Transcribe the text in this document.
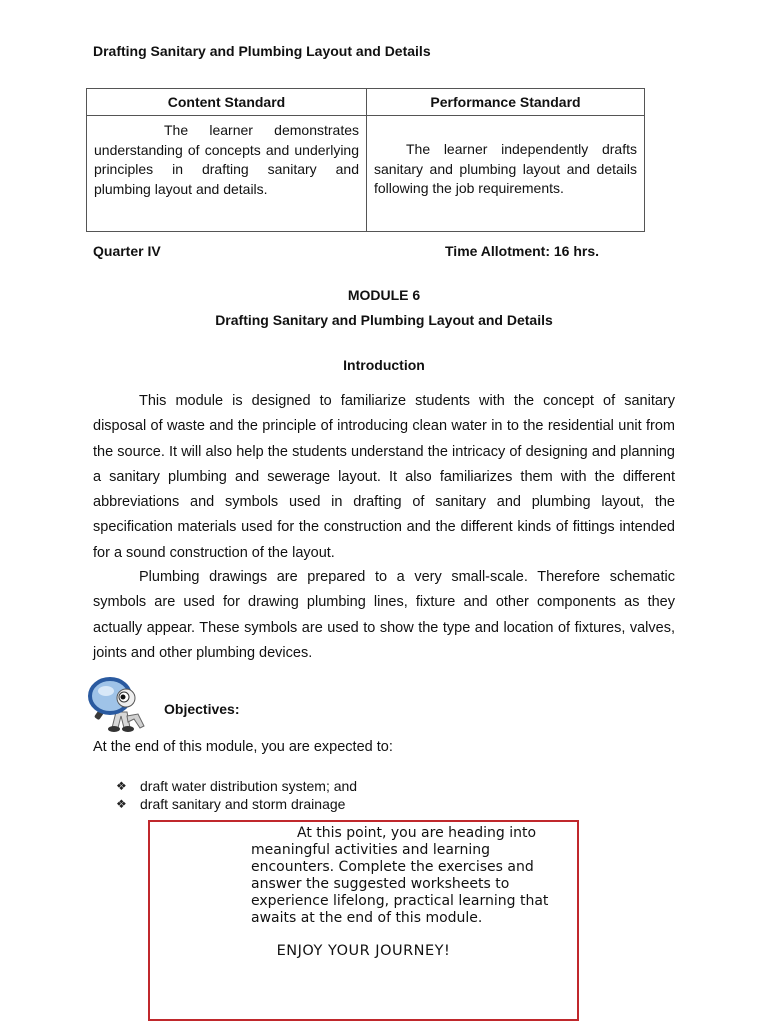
Drafting Sanitary and Plumbing Layout and Details
Content Standard	Performance Standard

The learner demonstrates understanding of concepts and underlying principles in drafting sanitary and plumbing layout and details.	The learner independently drafts sanitary and plumbing layout and details following the job requirements.

Quarter IV	Time Allotment: 16 hrs.
MODULE 6
Drafting Sanitary and Plumbing Layout and Details
Introduction

This module is designed to familiarize students with the concept of sanitary disposal of waste and the principle of introducing clean water in to the residential unit from the source. It will also help the students understand the intricacy of designing and planning a sanitary plumbing and sewerage layout. It also familiarizes them with the different abbreviations and symbols used in drafting of sanitary and plumbing layout, the specification materials used for the construction and the different kinds of fittings intended for a sound construction of the layout.

Plumbing drawings are prepared to a very small-scale. Therefore schematic symbols are used for drawing plumbing lines, fixture and other components as they actually appear. These symbols are used to show the type and location of fixtures, valves, joints and other plumbing devices.

Objectives:
At the end of this module, you are expected to:
❖ draft water distribution system; and
❖ draft sanitary and storm drainage

At this point, you are heading into meaningful activities and learning encounters. Complete the exercises and answer the suggested worksheets to experience lifelong, practical learning that awaits at the end of this module.

ENJOY YOUR JOURNEY!
